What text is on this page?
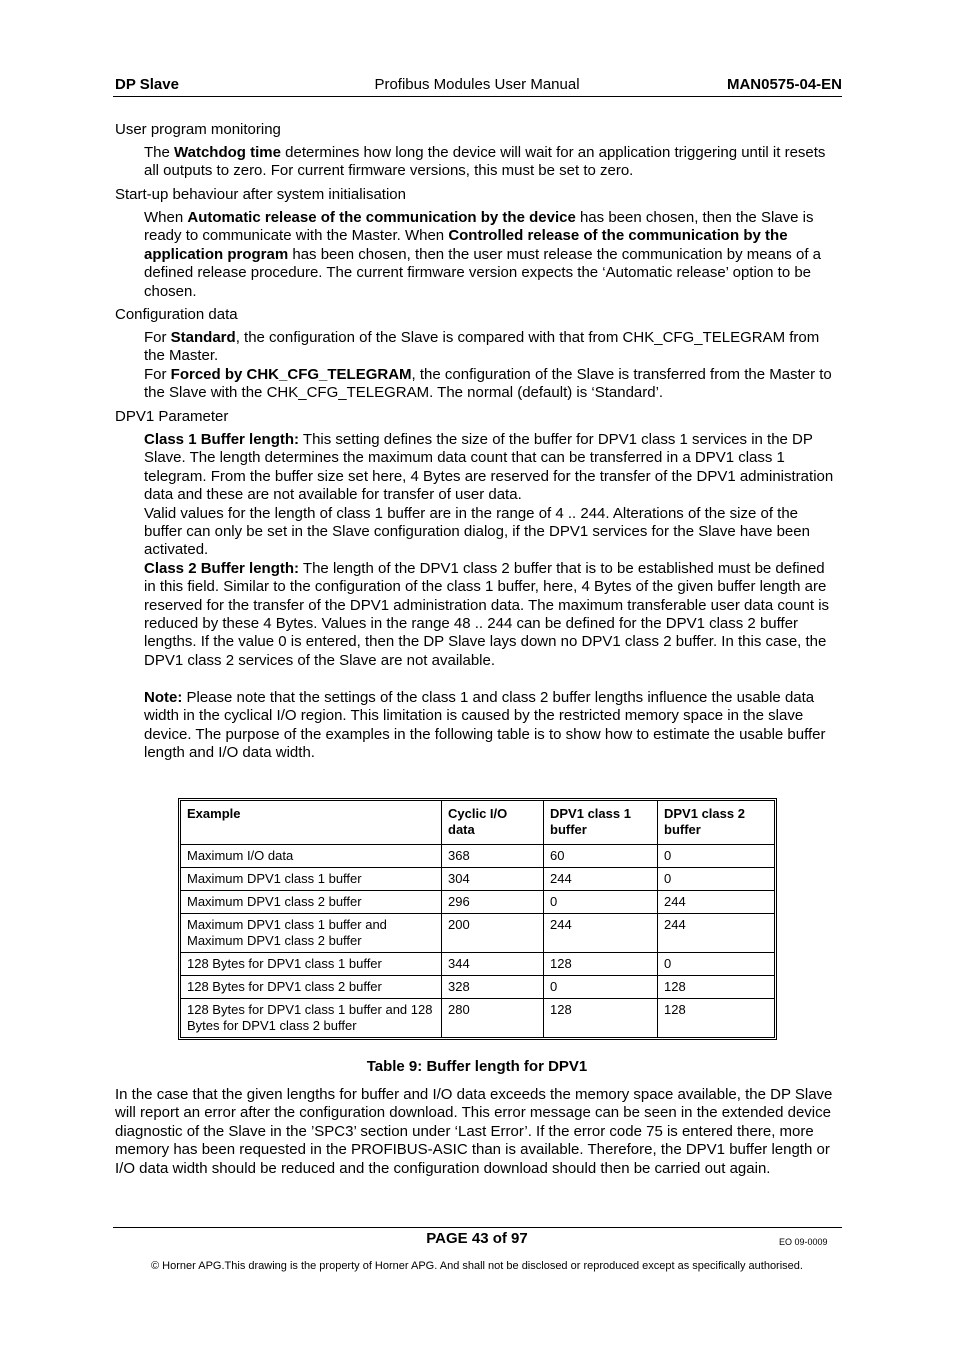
DP Slave	Profibus Modules User Manual	MAN0575-04-EN
User program monitoring
The Watchdog time determines how long the device will wait for an application triggering until it resets all outputs to zero. For current firmware versions, this must be set to zero.
Start-up behaviour after system initialisation
When Automatic release of the communication by the device has been chosen, then the Slave is ready to communicate with the Master. When Controlled release of the communication by the application program has been chosen, then the user must release the communication by means of a defined release procedure. The current firmware version expects the ‘Automatic release’ option to be chosen.
Configuration data
For Standard, the configuration of the Slave is compared with that from CHK_CFG_TELEGRAM from the Master.
For Forced by CHK_CFG_TELEGRAM, the configuration of the Slave is transferred from the Master to the Slave with the CHK_CFG_TELEGRAM. The normal (default) is ‘Standard’.
DPV1 Parameter
Class 1 Buffer length: This setting defines the size of the buffer for DPV1 class 1 services in the DP Slave. The length determines the maximum data count that can be transferred in a DPV1 class 1 telegram. From the buffer size set here, 4 Bytes are reserved for the transfer of the DPV1 administration data and these are not available for transfer of user data.
Valid values for the length of class 1 buffer are in the range of 4 .. 244. Alterations of the size of the buffer can only be set in the Slave configuration dialog, if the DPV1 services for the Slave have been activated.
Class 2 Buffer length: The length of the DPV1 class 2 buffer that is to be established must be defined in this field. Similar to the configuration of the class 1 buffer, here, 4 Bytes of the given buffer length are reserved for the transfer of the DPV1 administration data. The maximum transferable user data count is reduced by these 4 Bytes. Values in the range 48 .. 244 can be defined for the DPV1 class 2 buffer lengths. If the value 0 is entered, then the DP Slave lays down no DPV1 class 2 buffer. In this case, the DPV1 class 2 services of the Slave are not available.

Note: Please note that the settings of the class 1 and class 2 buffer lengths influence the usable data width in the cyclical I/O region. This limitation is caused by the restricted memory space in the slave device. The purpose of the examples in the following table is to show how to estimate the usable buffer length and I/O data width.
Example	Cyclic I/O data	DPV1 class 1 buffer	DPV1 class 2 buffer
Maximum I/O data	368	60	0
Maximum DPV1 class 1 buffer	304	244	0
Maximum DPV1 class 2 buffer	296	0	244
Maximum DPV1 class 1 buffer and Maximum DPV1 class 2 buffer	200	244	244
128 Bytes for DPV1 class 1 buffer	344	128	0
128 Bytes for DPV1 class 2 buffer	328	0	128
128 Bytes for DPV1 class 1 buffer and 128 Bytes for DPV1 class 2 buffer	280	128	128
Table 9: Buffer length for DPV1
In the case that the given lengths for buffer and I/O data exceeds the memory space available, the DP Slave will report an error after the configuration download. This error message can be seen in the extended device diagnostic of the Slave in the ’SPC3’ section under ‘Last Error’. If the error code 75 is entered there, more memory has been requested in the PROFIBUS-ASIC than is available. Therefore, the DPV1 buffer length or I/O data width should be reduced and the configuration download should then be carried out again.
PAGE 43 of 97	EO 09-0009
© Horner APG.This drawing is the property of Horner APG. And shall not be disclosed or reproduced except as specifically authorised.
